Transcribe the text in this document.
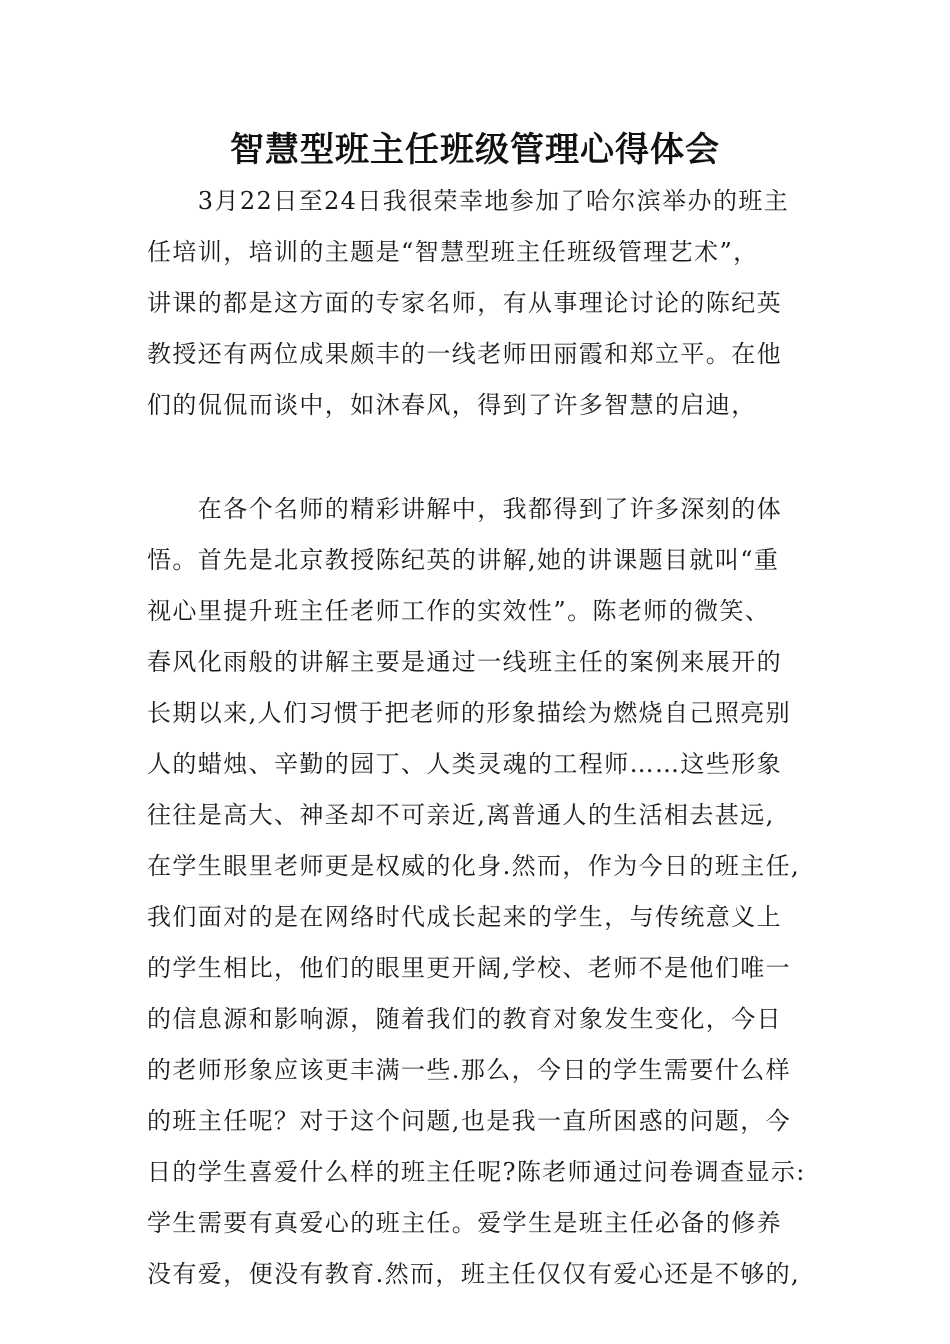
智慧型班主任班级管理心得体会
　　3月22日至24日我很荣幸地参加了哈尔滨举办的班主
任培训，培训的主题是“智慧型班主任班级管理艺术”，
讲课的都是这方面的专家名师，有从事理论讨论的陈纪英
教授还有两位成果颇丰的一线老师田丽霞和郑立平。在他
们的侃侃而谈中，如沐春风，得到了许多智慧的启迪，
　　在各个名师的精彩讲解中，我都得到了许多深刻的体
悟。首先是北京教授陈纪英的讲解,她的讲课题目就叫“重
视心里提升班主任老师工作的实效性”。陈老师的微笑、
春风化雨般的讲解主要是通过一线班主任的案例来展开的
长期以来,人们习惯于把老师的形象描绘为燃烧自己照亮别
人的蜡烛、辛勤的园丁、人类灵魂的工程师……这些形象
往往是高大、神圣却不可亲近,离普通人的生活相去甚远,
在学生眼里老师更是权威的化身.然而，作为今日的班主任,
我们面对的是在网络时代成长起来的学生，与传统意义上
的学生相比，他们的眼里更开阔,学校、老师不是他们唯一
的信息源和影响源，随着我们的教育对象发生变化，今日
的老师形象应该更丰满一些.那么，今日的学生需要什么样
的班主任呢？对于这个问题,也是我一直所困惑的问题，今
日的学生喜爱什么样的班主任呢?陈老师通过问卷调查显示:
学生需要有真爱心的班主任。爱学生是班主任必备的修养
没有爱，便没有教育.然而，班主任仅仅有爱心还是不够的,
